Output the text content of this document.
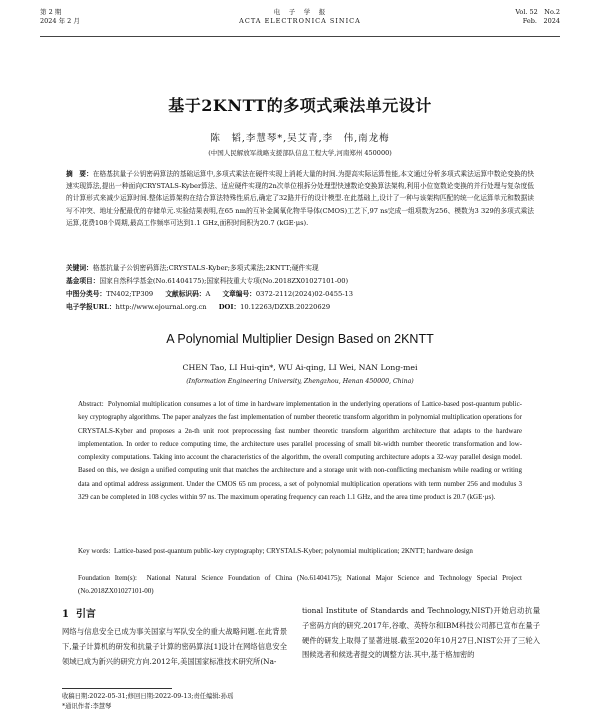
第 2 期
2024 年 2 月
电　子　学　报
ACTA ELECTRONICA SINICA
Vol. 52　No.2
Feb.　2024
基于2KNTT的多项式乘法单元设计
陈　韬,李慧琴*,吴艾青,李　伟,南龙梅
(中国人民解放军战略支援部队信息工程大学,河南郑州 450000)
摘　要：在格基抗量子公钥密码算法的基础运算中,多项式乘法在硬件实现上消耗大量的时间.为提高实际运算性能,本文通过分析多项式乘法运算中数论变换的快速实现算法,提出一种面向CRYSTALS-Kyber算法、适应硬件实现的2n次单位根拆分处理型快速数论变换算法架构,利用小位宽数论变换的并行处理与复杂度低的计算形式来减少运算时间.整体运算架构在结合算法特殊性质后,确定了32路并行的设计模型.在此基础上,设计了一种与该架构匹配的统一化运算单元和数据读写不冲突、地址分配最优的存储单元.实验结果表明,在65 nm的互补金属氧化物半导体(CMOS)工艺下,97 ns完成一组项数为256、模数为3 329的多项式乘法运算,花费108个周期,最高工作频率可达到1.1 GHz,面积时间积为20.7 (kGE·μs).
关键词：格基抗量子公钥密码算法;CRYSTALS-Kyber;多项式乘法;2KNTT;硬件实现
基金项目：国家自然科学基金(No.61404175);国家科技重大专项(No.2018ZX01027101-00)
中图分类号：TN402;TP309 文献标识码：A 文章编号：0372-2112(2024)02-0455-13
电子学报URL：http://www.ejournal.org.cn DOI：10.12263/DZXB.20220629
A Polynomial Multiplier Design Based on 2KNTT
CHEN Tao, LI Hui-qin*, WU Ai-qing, LI Wei, NAN Long-mei
(Information Engineering University, Zhengzhou, Henan 450000, China)
Abstract: Polynomial multiplication consumes a lot of time in hardware implementation in the underlying operations of Lattice-based post-quantum public-key cryptography algorithms. The paper analyzes the fast implementation of number theoretic transform algorithm in polynomial multiplication operations for CRYSTALS-Kyber and proposes a 2n-th unit root preprocessing fast number theoretic transform algorithm architecture that adapts to the hardware implementation. In order to reduce computing time, the architecture uses parallel processing of small bit-width number theoretic transformation and low-complexity computations. Taking into account the characteristics of the algorithm, the overall computing architecture adopts a 32-way parallel design model. Based on this, we design a unified computing unit that matches the architecture and a storage unit with non-conflicting mechanism while reading or writing data and optimal address assignment. Under the CMOS 65 nm process, a set of polynomial multiplication operations with term number 256 and modulus 3 329 can be completed in 108 cycles within 97 ns. The maximum operating frequency can reach 1.1 GHz, and the area time product is 20.7 (kGE·μs).
Key words: Lattice-based post-quantum public-key cryptography; CRYSTALS-Kyber; polynomial multiplication; 2KNTT; hardware design
Foundation Item(s): National Natural Science Foundation of China (No.61404175); National Major Science and Technology Special Project (No.2018ZX01027101-00)
1 引言
网络与信息安全已成为事关国家与军队安全的重大战略问题.在此背景下,量子计算机的研发和抗量子计算的密码算法[1]设计在网络信息安全领域已成为新兴的研究方向.2012年,美国国家标准技术研究所(Na-
tional Institute of Standards and Technology,NIST)开始启动抗量子密码方向的研究.2017年,谷歌、英特尔和IBM科技公司都已宣布在量子硬件的研发上取得了显著进展.截至2020年10月27日,NIST公开了三轮入围候选者和候选者提交的调整方法.其中,基于格加密的
收稿日期:2022-05-31;修回日期:2022-09-13;责任编辑:孙瑶
*通讯作者:李慧琴
